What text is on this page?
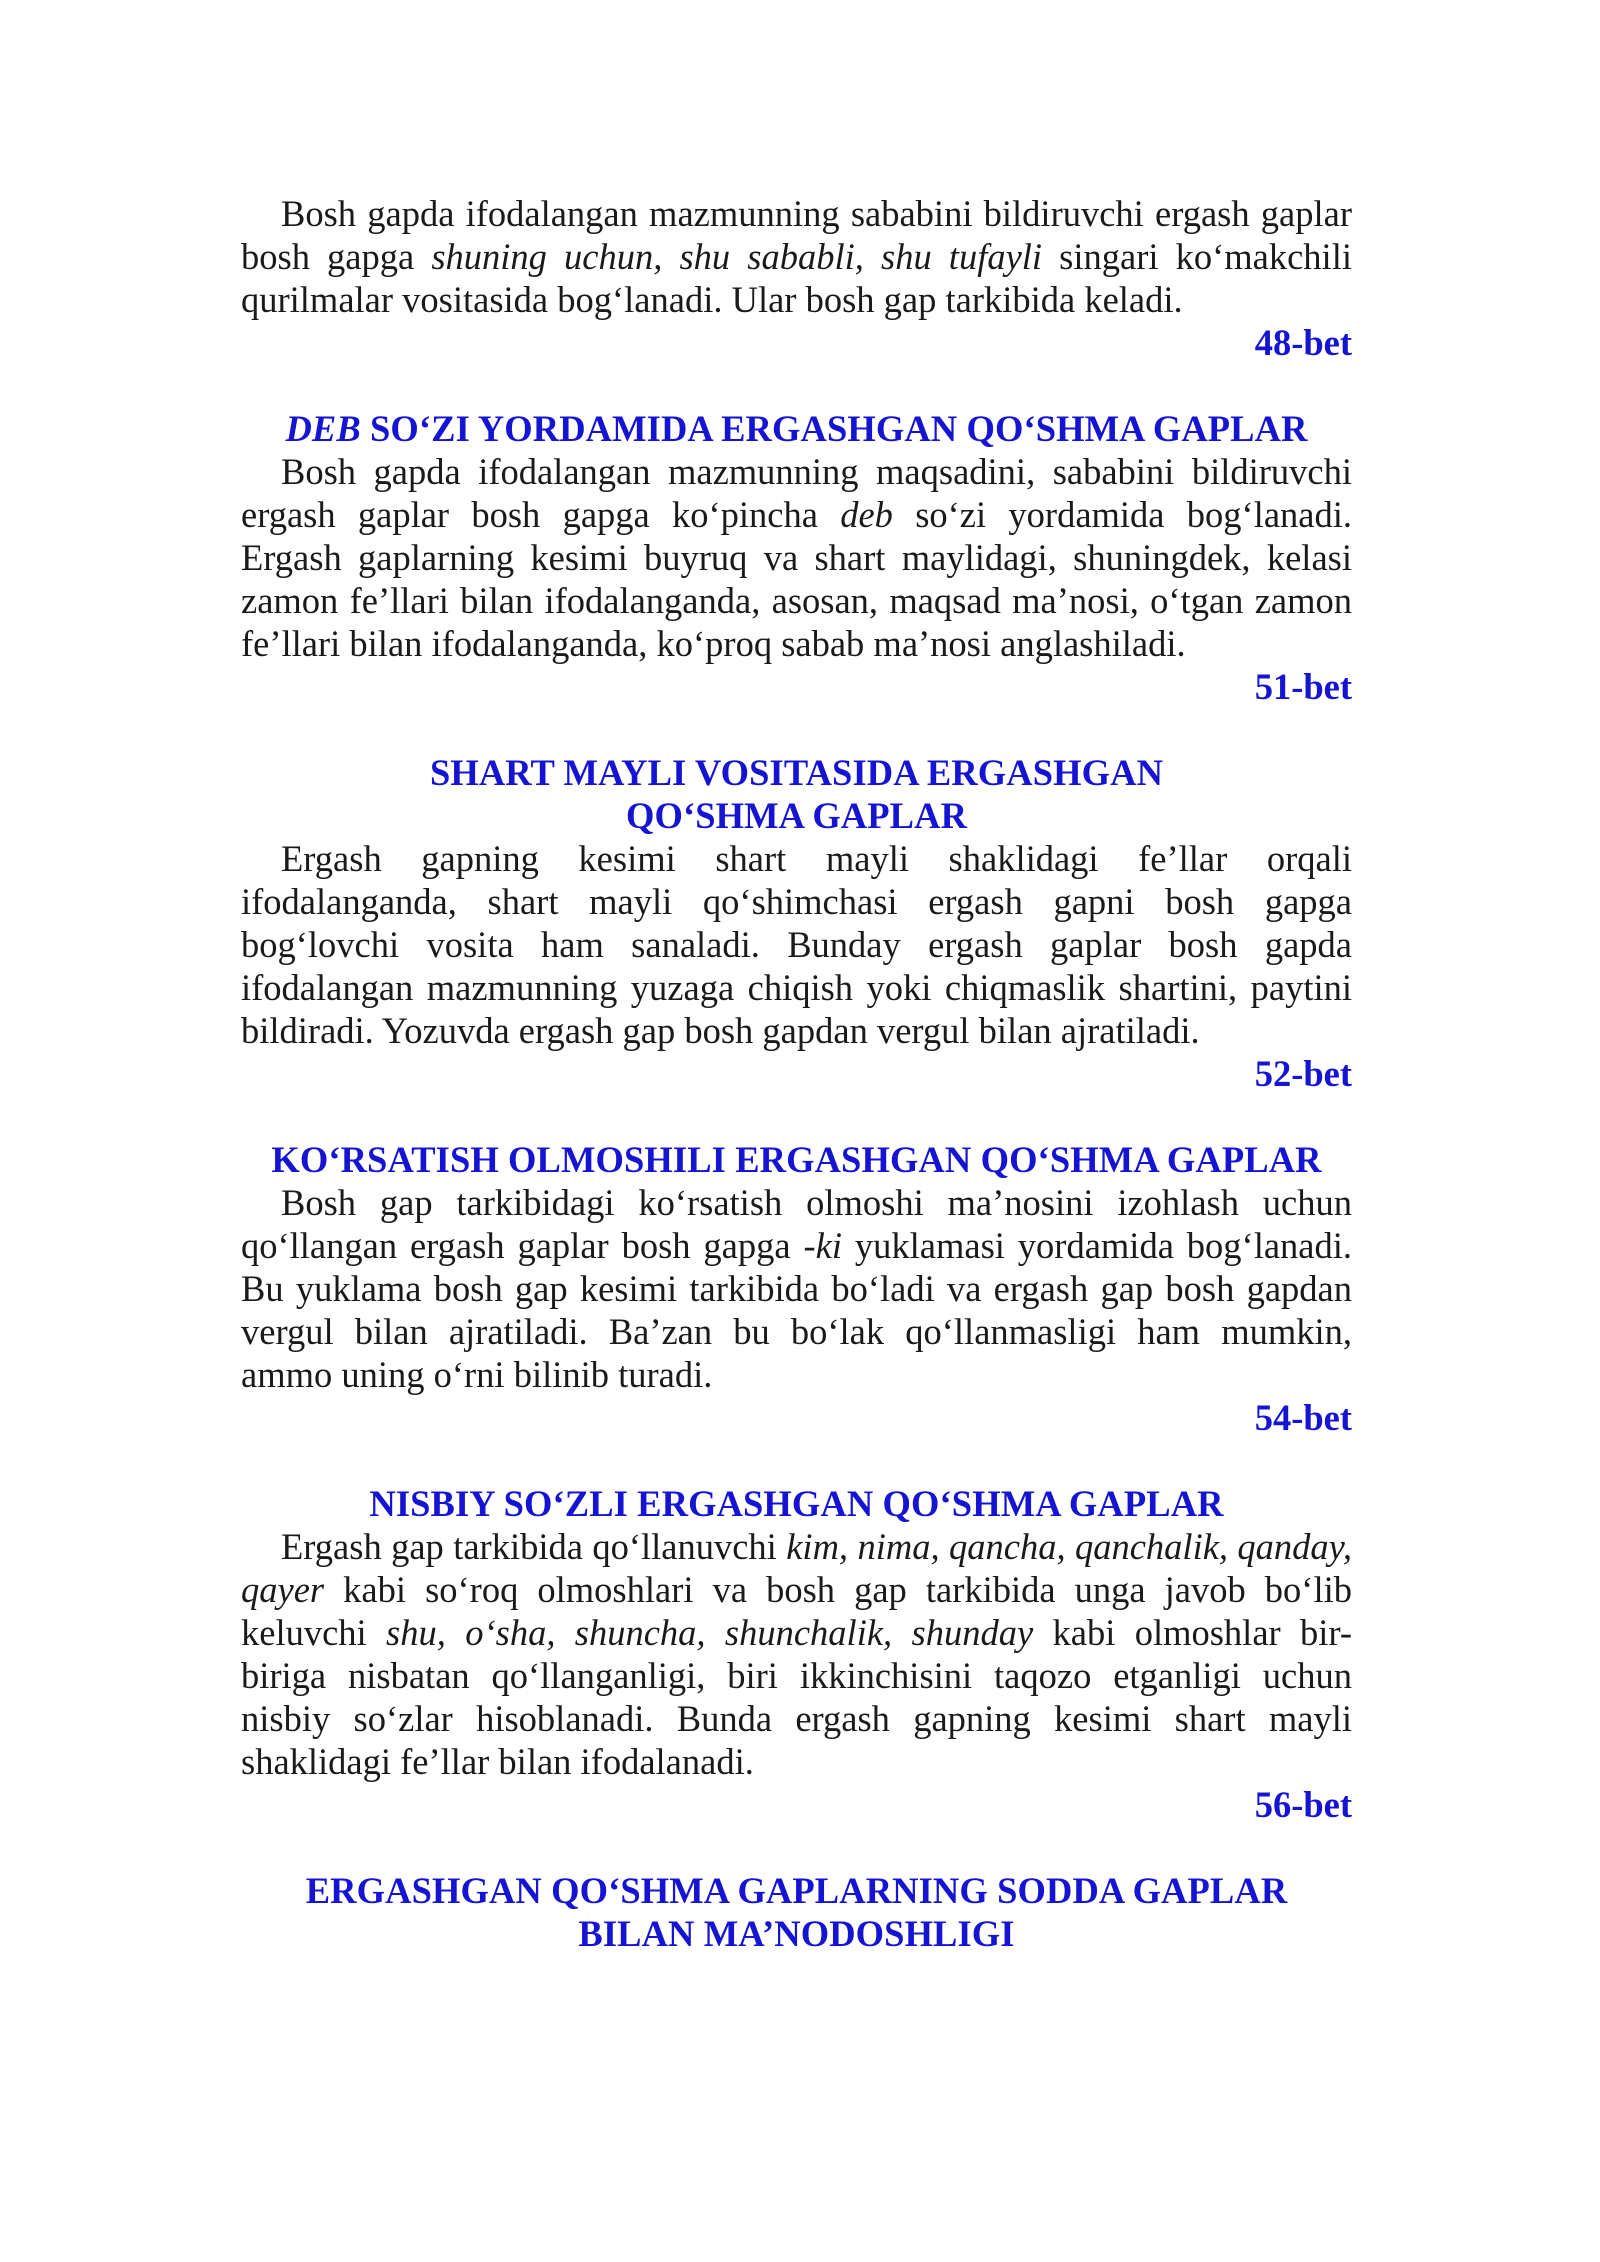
Bosh gapda ifodalangan mazmunning sababini bildiruvchi ergash gaplar bosh gapga shuning uchun, shu sababli, shu tufayli singari ko‘makchili qurilmalar vositasida bog‘lanadi. Ular bosh gap tarkibida keladi.

48-bet

DEB SO‘ZI YORDAMIDA ERGASHGAN QO‘SHMA GAPLAR

Bosh gapda ifodalangan mazmunning maqsadini, sababini bildiruvchi ergash gaplar bosh gapga ko‘pincha deb so‘zi yordamida bog‘lanadi. Ergash gaplarning kesimi buyruq va shart maylidagi, shuningdek, kelasi zamon fe’llari bilan ifodalanganda, asosan, maqsad ma’nosi, o‘tgan zamon fe’llari bilan ifodalanganda, ko‘proq sabab ma’nosi anglashiladi.

51-bet

SHART MAYLI VOSITASIDA ERGASHGAN
QO‘SHMA GAPLAR

Ergash gapning kesimi shart mayli shaklidagi fe’llar orqali ifodalanganda, shart mayli qo‘shimchasi ergash gapni bosh gapga bog‘lovchi vosita ham sanaladi. Bunday ergash gaplar bosh gapda ifodalangan mazmunning yuzaga chiqish yoki chiqmaslik shartini, paytini bildiradi. Yozuvda ergash gap bosh gapdan vergul bilan ajratiladi.

52-bet

KO‘RSATISH OLMOSHILI ERGASHGAN QO‘SHMA GAPLAR

Bosh gap tarkibidagi ko‘rsatish olmoshi ma’nosini izohlash uchun qo‘llangan ergash gaplar bosh gapga -ki yuklamasi yordamida bog‘lanadi. Bu yuklama bosh gap kesimi tarkibida bo‘ladi va ergash gap bosh gapdan vergul bilan ajratiladi. Ba’zan bu bo‘lak qo‘llanmasligi ham mumkin, ammo uning o‘rni bilinib turadi.

54-bet

NISBIY SO‘ZLI ERGASHGAN QO‘SHMA GAPLAR

Ergash gap tarkibida qo‘llanuvchi kim, nima, qancha, qanchalik, qanday, qayer kabi so‘roq olmoshlari va bosh gap tarkibida unga javob bo‘lib keluvchi shu, o‘sha, shuncha, shunchalik, shunday kabi olmoshlar bir-biriga nisbatan qo‘llanganligi, biri ikkinchisini taqozo etganligi uchun nisbiy so‘zlar hisoblanadi. Bunda ergash gapning kesimi shart mayli shaklidagi fe’llar bilan ifodalanadi.

56-bet

ERGASHGAN QO‘SHMA GAPLARNING SODDA GAPLAR
BILAN MA’NODOSHLIGI
